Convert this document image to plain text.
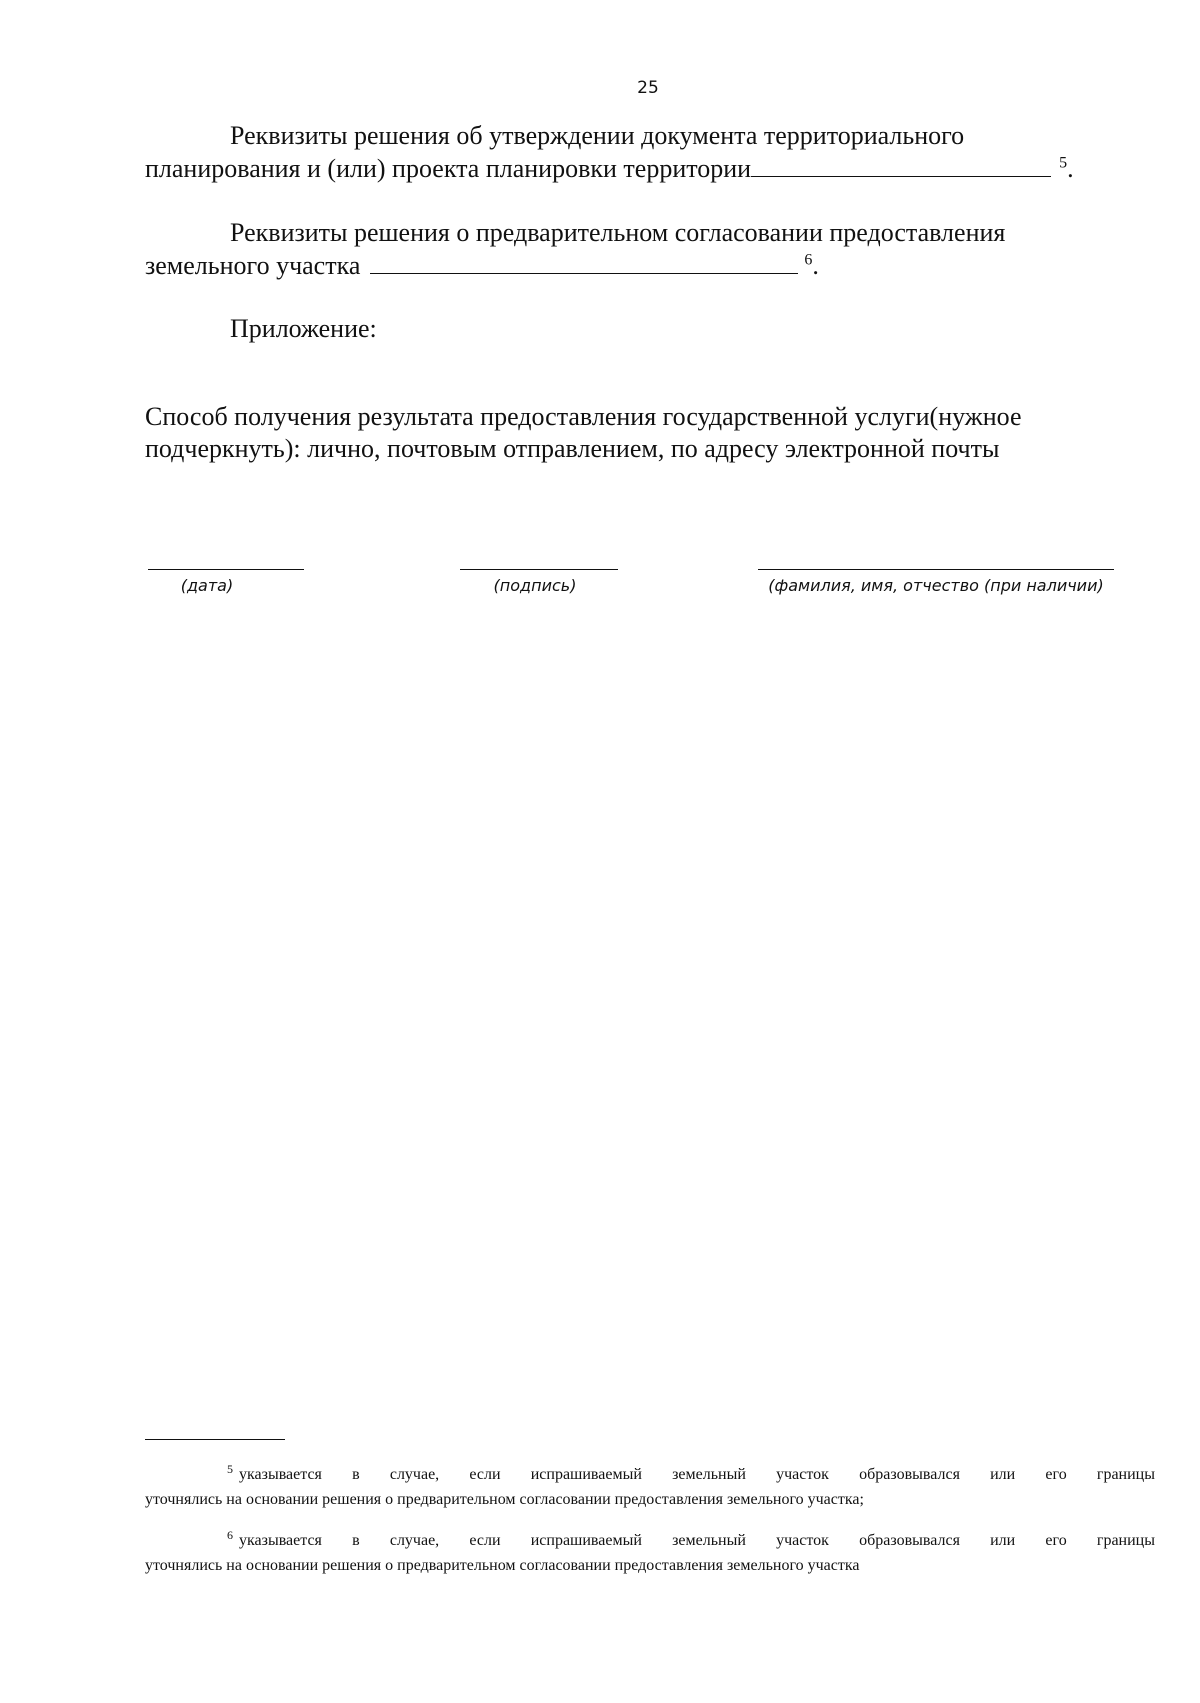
25
Реквизиты решения об утверждении документа территориального
планирования и (или) проекта планировки территории	$^5$.
Реквизиты решения о предварительном согласовании предоставления
земельного участка	$^6$.
Приложение:
Способ получения результата предоставления государственной услуги(нужное
подчеркнуть): лично, почтовым отправлением, по адресу электронной почты
(дата)	(подпись)	(фамилия, имя, отчество (при наличии)
$^5$ указывается в случае, если испрашиваемый земельный участок образовывался или его границы
уточнялись на основании решения о предварительном согласовании предоставления земельного участка;
$^6$ указывается в случае, если испрашиваемый земельный участок образовывался или его границы
уточнялись на основании решения о предварительном согласовании предоставления земельного участка
